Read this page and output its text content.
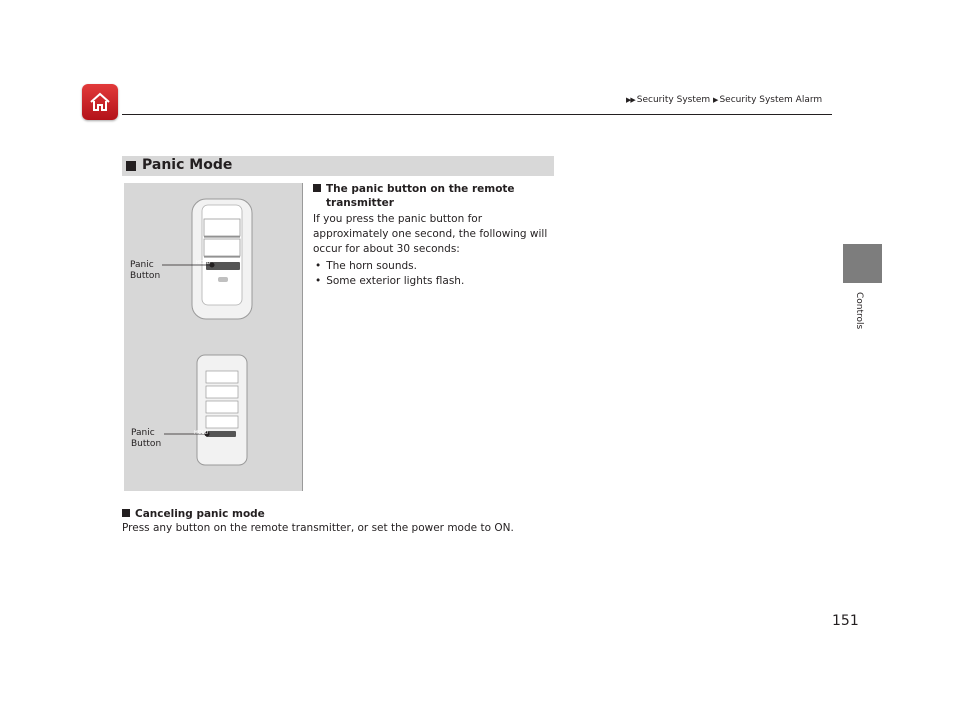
▶▶ Security System ▶ Security System Alarm
Controls
Panic Mode
HOLD
HOLD
Panic
Button
Panic
Button
The panic button on the remote
transmitter
If you press the panic button for
approximately one second, the following will
occur for about 30 seconds:
• The horn sounds.
• Some exterior lights flash.
Canceling panic mode
Press any button on the remote transmitter, or set the power mode to ON.
151
